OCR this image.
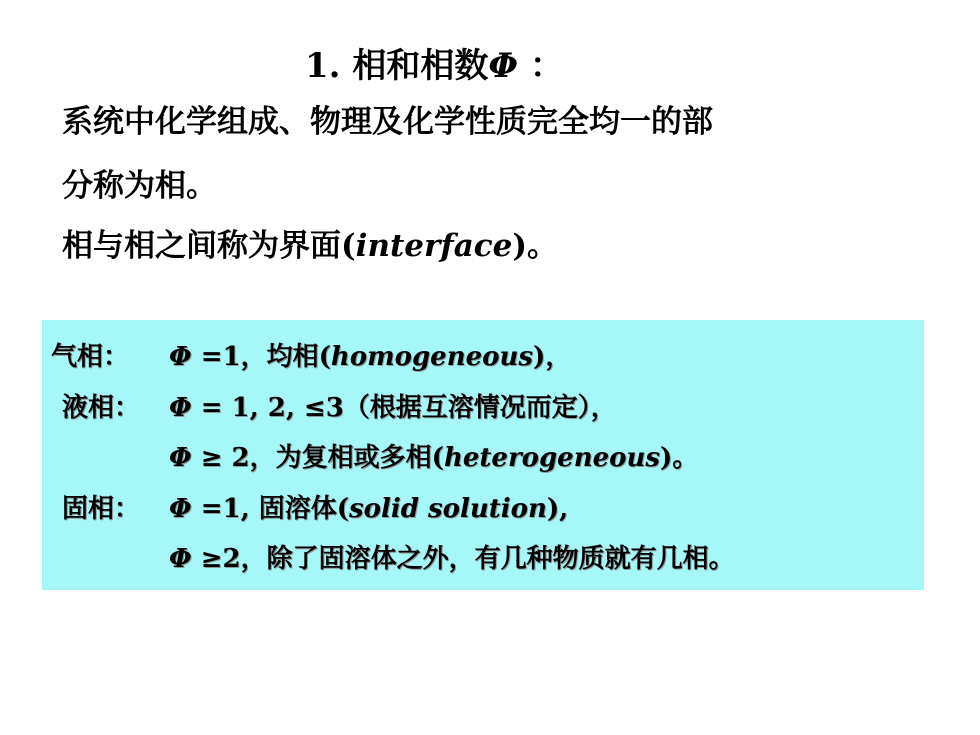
1. 相和相数Φ ：
系统中化学组成、物理及化学性质完全均一的部
分称为相。
相与相之间称为界面(interface)。
气相： Φ =1，均相(homogeneous)，
液相： Φ = 1, 2, ≤3（根据互溶情况而定），
Φ ≥ 2，为复相或多相(heterogeneous)。
固相： Φ =1, 固溶体(solid solution),
Φ ≥2，除了固溶体之外，有几种物质就有几相。
